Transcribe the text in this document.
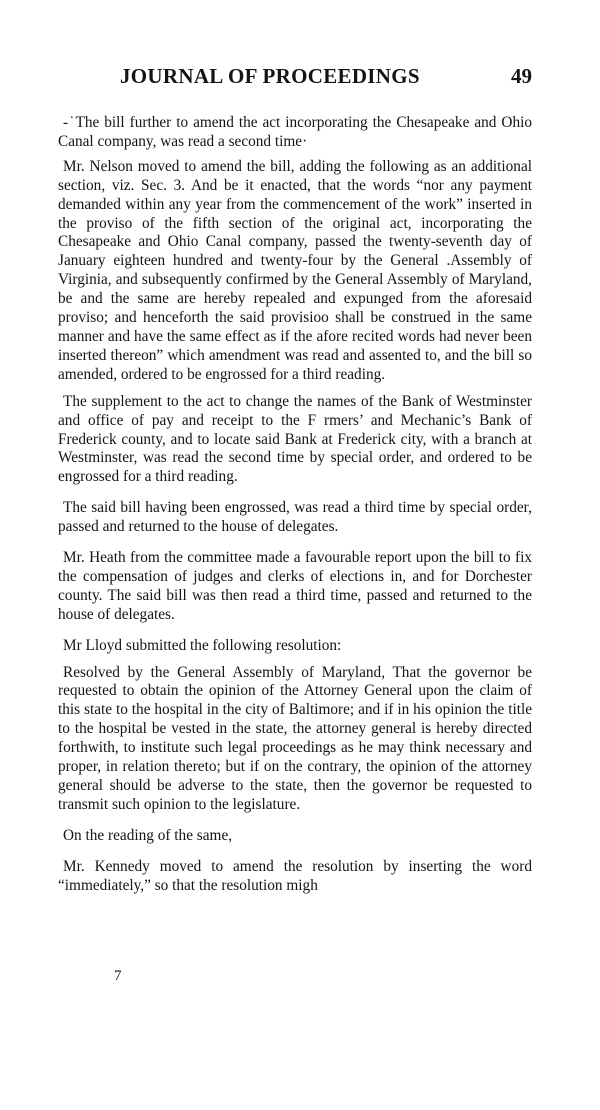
JOURNAL OF PROCEEDINGS	49

-˙The bill further to amend the act incorporating the Chesapeake and Ohio Canal company, was read a second time·

Mr. Nelson moved to amend the bill, adding the following as an additional section, viz. Sec. 3. And be it enacted, that the words “nor any payment demanded within any year from the commencement of the work” inserted in the proviso of the fifth section of the original act, incorporating the Chesapeake and Ohio Canal company, passed the twenty-seventh day of January eighteen hundred and twenty-four by the General .Assembly of Virginia, and subsequently confirmed by the General Assembly of Maryland, be and the same are hereby repealed and expunged from the aforesaid proviso; and henceforth the said provisioo shall be construed in the same manner and have the same effect as if the afore recited words had never been inserted thereon” which amendment was read and assented to, and the bill so amended, ordered to be engrossed for a third reading.

The supplement to the act to change the names of the Bank of Westminster and office of pay and receipt to the F rmers’ and Mechanic’s Bank of Frederick county, and to locate said Bank at Frederick city, with a branch at Westminster, was read the second time by special order, and ordered to be engrossed for a third reading.

The said bill having been engrossed, was read a third time by special order, passed and returned to the house of delegates.

Mr. Heath from the committee made a favourable report upon the bill to fix the compensation of judges and clerks of elections in, and for Dorchester county. The said bill was then read a third time, passed and returned to the house of delegates.

Mr Lloyd submitted the following resolution:

Resolved by the General Assembly of Maryland, That the governor be requested to obtain the opinion of the Attorney General upon the claim of this state to the hospital in the city of Baltimore; and if in his opinion the title to the hospital be vested in the state, the attorney general is hereby directed forthwith, to institute such legal proceedings as he may think necessary and proper, in relation thereto; but if on the contrary, the opinion of the attorney general should be adverse to the state, then the governor be requested to transmit such opinion to the legislature.

On the reading of the same,

Mr. Kennedy moved to amend the resolution by inserting the word “immediately,” so that the resolution migh

7
